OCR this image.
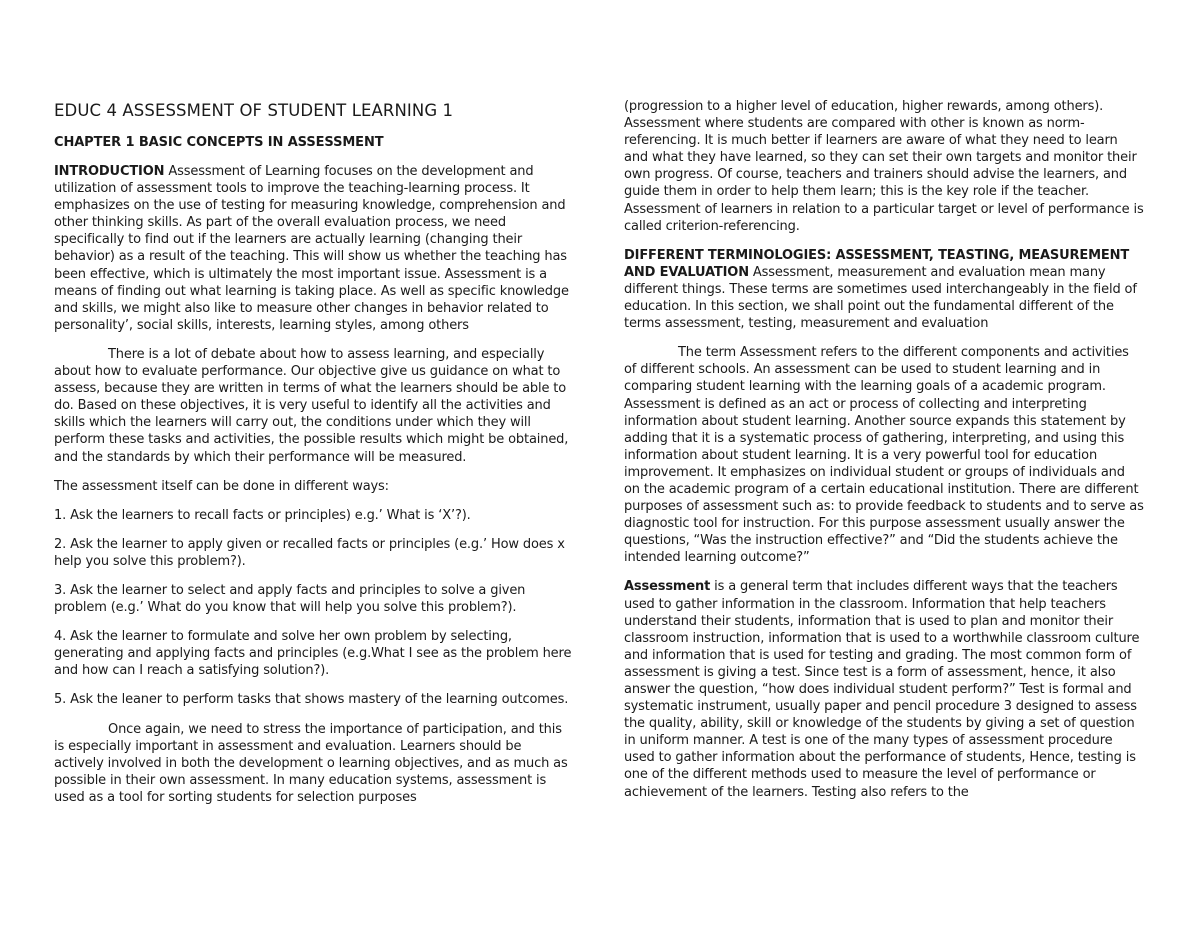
EDUC 4 ASSESSMENT OF STUDENT LEARNING 1
CHAPTER 1 BASIC CONCEPTS IN ASSESSMENT

INTRODUCTION Assessment of Learning focuses on the development and utilization of assessment tools to improve the teaching-learning process. It emphasizes on the use of testing for measuring knowledge, comprehension and other thinking skills. As part of the overall evaluation process, we need specifically to find out if the learners are actually learning (changing their behavior) as a result of the teaching. This will show us whether the teaching has been effective, which is ultimately the most important issue. Assessment is a means of finding out what learning is taking place. As well as specific knowledge and skills, we might also like to measure other changes in behavior related to personality’, social skills, interests, learning styles, among others

There is a lot of debate about how to assess learning, and especially about how to evaluate performance. Our objective give us guidance on what to assess, because they are written in terms of what the learners should be able to do. Based on these objectives, it is very useful to identify all the activities and skills which the learners will carry out, the conditions under which they will perform these tasks and activities, the possible results which might be obtained, and the standards by which their performance will be measured.

The assessment itself can be done in different ways:

1. Ask the learners to recall facts or principles) e.g.’ What is ‘X’?).

2. Ask the learner to apply given or recalled facts or principles (e.g.’ How does x help you solve this problem?).

3. Ask the learner to select and apply facts and principles to solve a given problem (e.g.’ What do you know that will help you solve this problem?).

4. Ask the learner to formulate and solve her own problem by selecting, generating and applying facts and principles (e.g.What I see as the problem here and how can I reach a satisfying solution?).

5. Ask the leaner to perform tasks that shows mastery of the learning outcomes.

Once again, we need to stress the importance of participation, and this is especially important in assessment and evaluation. Learners should be actively involved in both the development o learning objectives, and as much as possible in their own assessment. In many education systems, assessment is used as a tool for sorting students for selection purposes

(progression to a higher level of education, higher rewards, among others). Assessment where students are compared with other is known as norm-referencing. It is much better if learners are aware of what they need to learn and what they have learned, so they can set their own targets and monitor their own progress. Of course, teachers and trainers should advise the learners, and guide them in order to help them learn; this is the key role if the teacher. Assessment of learners in relation to a particular target or level of performance is called criterion-referencing.

DIFFERENT TERMINOLOGIES: ASSESSMENT, TEASTING, MEASUREMENT AND EVALUATION Assessment, measurement and evaluation mean many different things. These terms are sometimes used interchangeably in the field of education. In this section, we shall point out the fundamental different of the terms assessment, testing, measurement and evaluation

The term Assessment refers to the different components and activities of different schools. An assessment can be used to student learning and in comparing student learning with the learning goals of a academic program. Assessment is defined as an act or process of collecting and interpreting information about student learning. Another source expands this statement by adding that it is a systematic process of gathering, interpreting, and using this information about student learning. It is a very powerful tool for education improvement. It emphasizes on individual student or groups of individuals and on the academic program of a certain educational institution. There are different purposes of assessment such as: to provide feedback to students and to serve as diagnostic tool for instruction. For this purpose assessment usually answer the questions, “Was the instruction effective?” and “Did the students achieve the intended learning outcome?”

Assessment is a general term that includes different ways that the teachers used to gather information in the classroom. Information that help teachers understand their students, information that is used to plan and monitor their classroom instruction, information that is used to a worthwhile classroom culture and information that is used for testing and grading. The most common form of assessment is giving a test. Since test is a form of assessment, hence, it also answer the question, “how does individual student perform?” Test is formal and systematic instrument, usually paper and pencil procedure 3 designed to assess the quality, ability, skill or knowledge of the students by giving a set of question in uniform manner. A test is one of the many types of assessment procedure used to gather information about the performance of students, Hence, testing is one of the different methods used to measure the level of performance or achievement of the learners. Testing also refers to the
